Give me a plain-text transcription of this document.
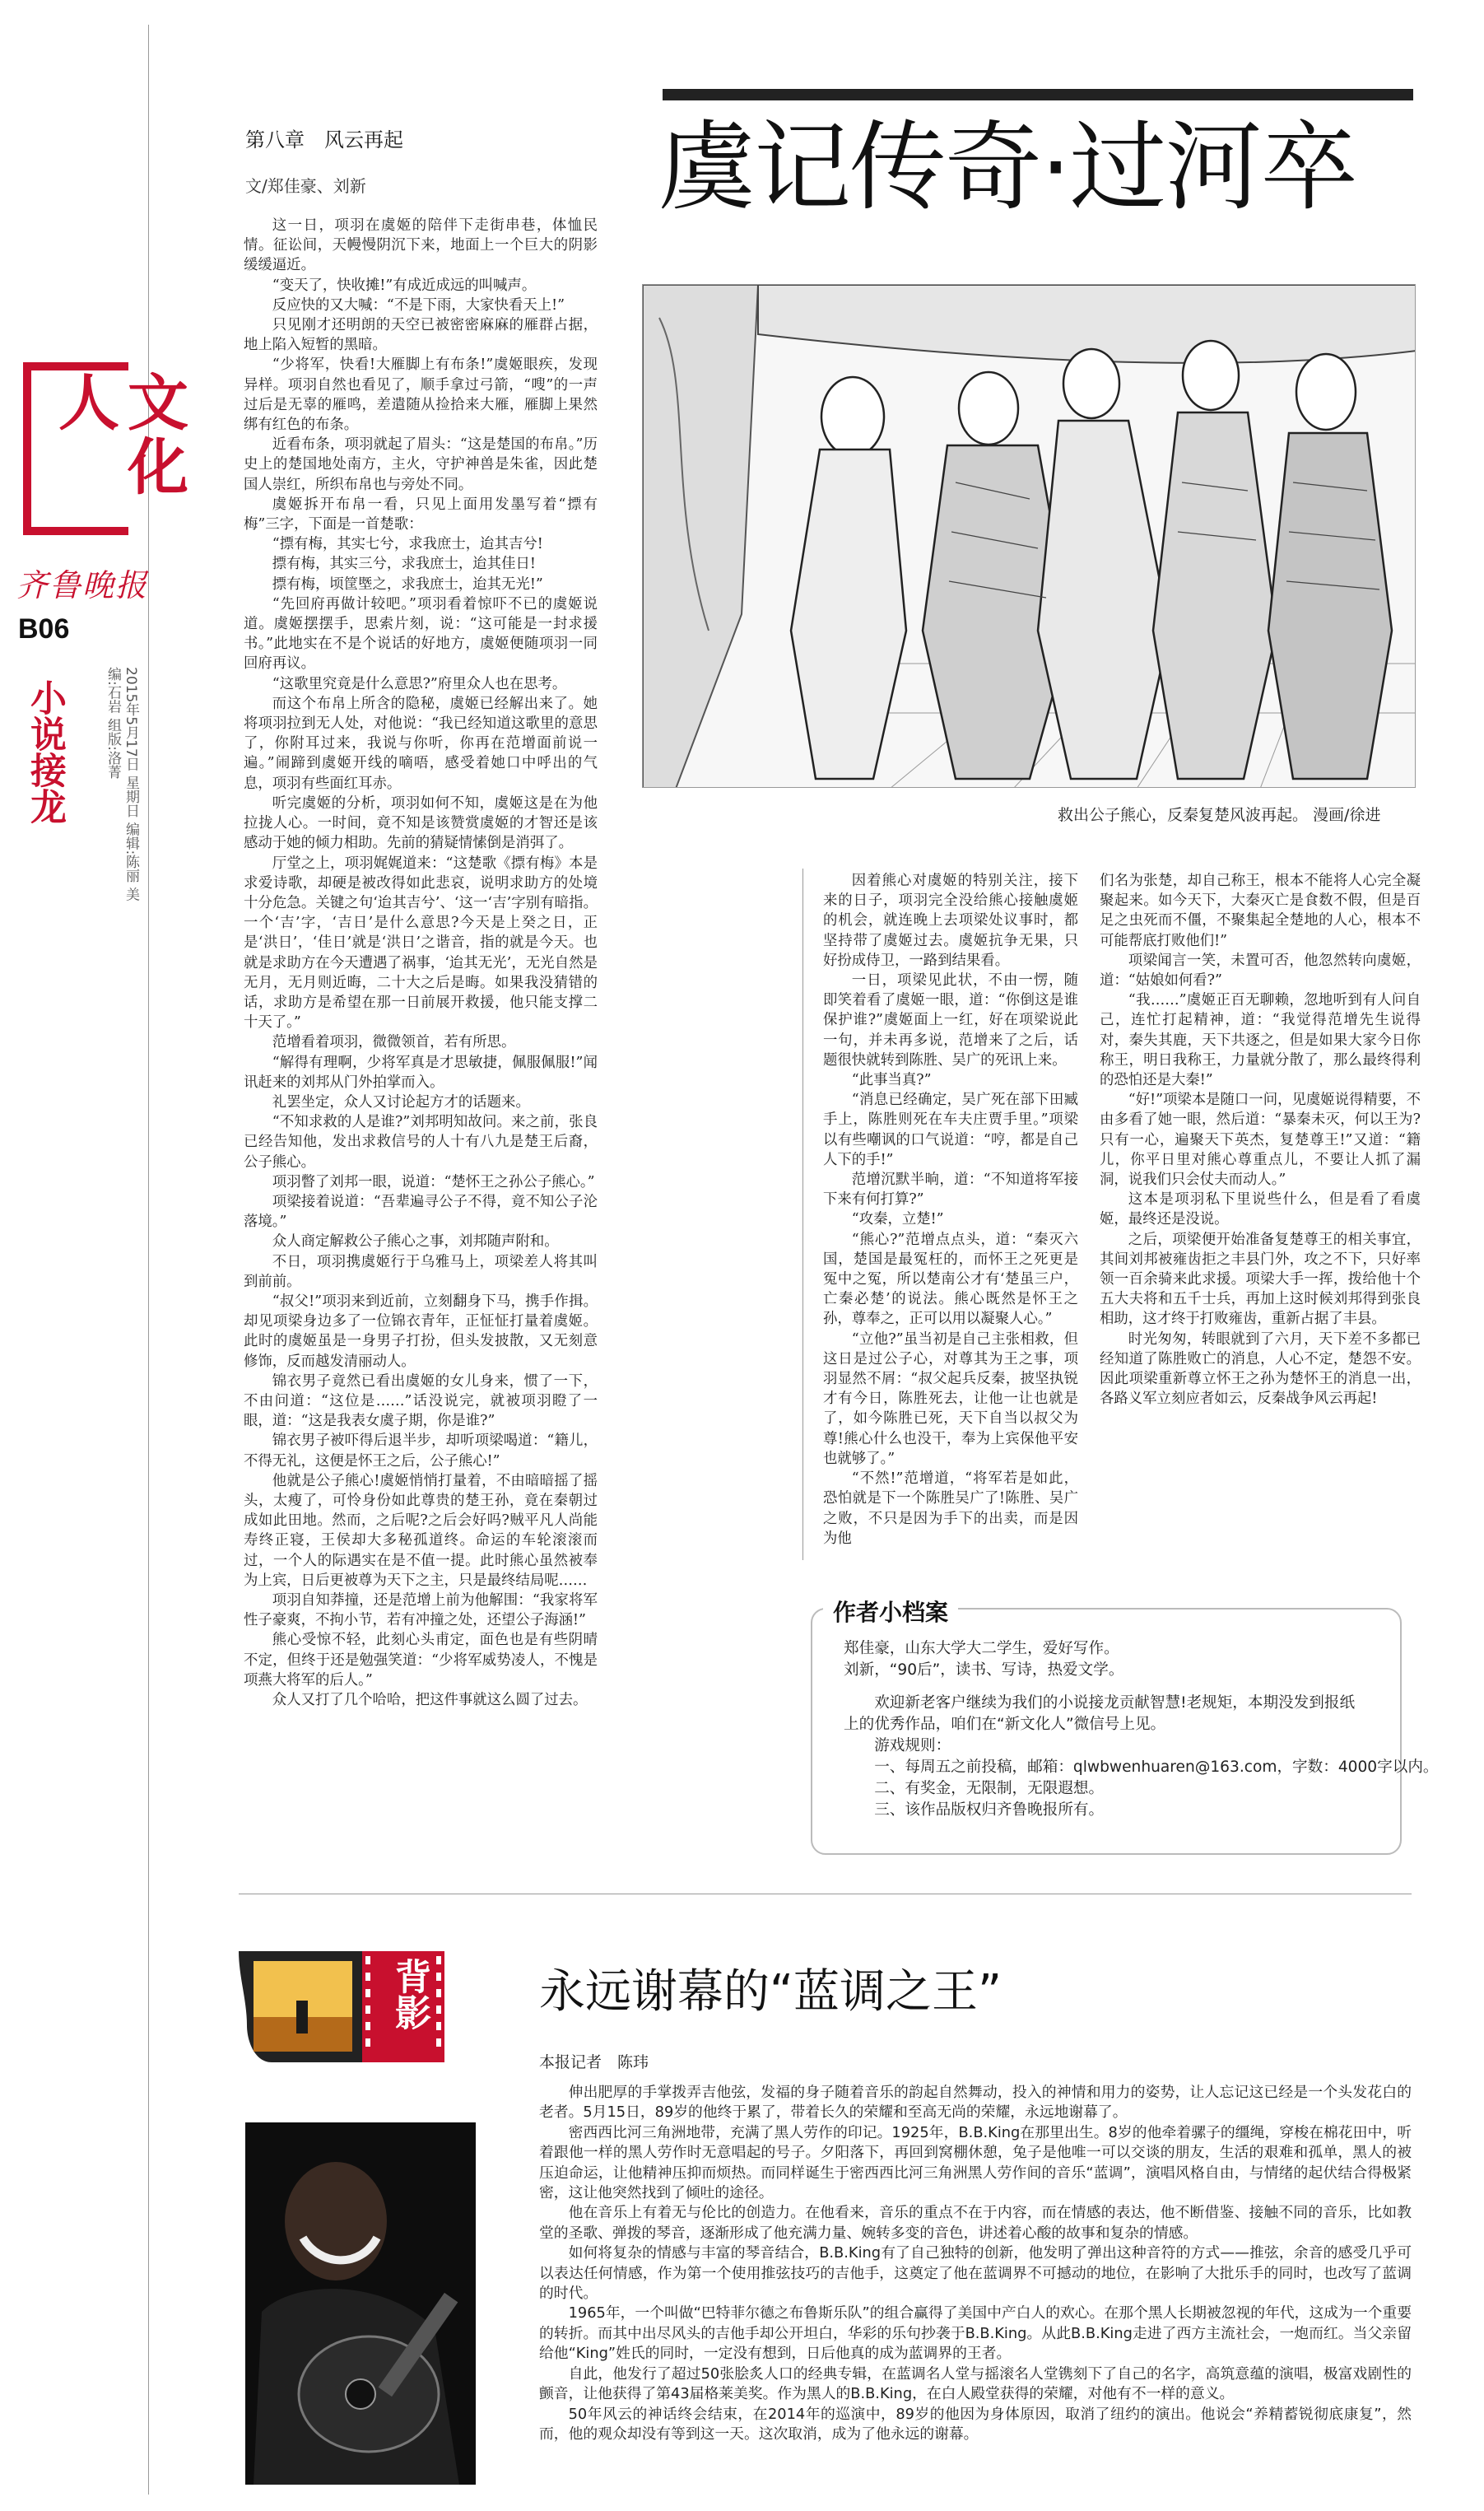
文化人
齐鲁晚报
B06
小说接龙	2015年5月17日 星期日 编辑:陈丽 美编:石岩 组版:洛菁
第八章　风云再起
文/郑佳豪、刘新	虞记传奇·过河卒

这一日，项羽在虞姬的陪伴下走街串巷，体恤民情。征讼间，天幔慢阴沉下来，地面上一个巨大的阴影缓缓逼近。

“变天了，快收摊!”有成近成远的叫喊声。

反应快的又大喊：“不是下雨，大家快看天上!”

只见刚才还明朗的天空已被密密麻麻的雁群占据，地上陷入短暂的黑暗。

“少将军，快看!大雁脚上有布条!”虞姬眼疾，发现异样。项羽自然也看见了，顺手拿过弓箭，“嗖”的一声过后是无辜的雁鸣，差遣随从捡拾来大雁，雁脚上果然绑有红色的布条。

近看布条，项羽就起了眉头：“这是楚国的布帛。”历史上的楚国地处南方，主火，守护神兽是朱雀，因此楚国人崇红，所织布帛也与旁处不同。

虞姬拆开布帛一看，只见上面用发墨写着“摽有梅”三字，下面是一首楚歌：

“摽有梅，其实七兮，求我庶士，迨其吉兮!

摽有梅，其实三兮，求我庶士，迨其佳日!

摽有梅，顷筐塈之，求我庶士，迨其无光!”

“先回府再做计较吧。”项羽看着惊吓不已的虞姬说道。虞姬摆摆手，思索片刻，说：“这可能是一封求援书。”此地实在不是个说话的好地方，虞姬便随项羽一同回府再议。

“这歌里究竟是什么意思?”府里众人也在思考。

而这个布帛上所含的隐秘，虞姬已经解出来了。她将项羽拉到无人处，对他说：“我已经知道这歌里的意思了，你附耳过来，我说与你听，你再在范增面前说一遍。”闹蹄到虞姬开线的嘀唔，感受着她口中呼出的气息，项羽有些面红耳赤。

听完虞姬的分析，项羽如何不知，虞姬这是在为他拉拢人心。一时间，竟不知是该赞赏虞姬的才智还是该感动于她的倾力相助。先前的猜疑情愫倒是消弭了。

厅堂之上，项羽娓娓道来：“这楚歌《摽有梅》本是求爱诗歌，却硬是被改得如此悲哀，说明求助方的处境十分危急。关键之句‘迨其吉兮’、‘这一‘吉’字别有暗指。一个‘吉’字，‘吉日’是什么意思?今天是上癸之日，正是‘洪日’，‘佳日’就是‘洪日’之谐音，指的就是今天。也就是求助方在今天遭遇了祸事，‘迨其无光’，无光自然是无月，无月则近晦，二十大之后是晦。如果我没猜错的话，求助方是希望在那一日前展开救援，他只能支撑二十天了。”

范增看着项羽，微微领首，若有所思。

“解得有理啊，少将军真是才思敏捷，佩服佩服!”闻讯赶来的刘邦从门外拍掌而入。

礼罢坐定，众人又讨论起方才的话题来。

“不知求救的人是谁?”刘邦明知故问。来之前，张良已经告知他，发出求救信号的人十有八九是楚王后裔，公子熊心。

项羽瞥了刘邦一眼，说道：“楚怀王之孙公子熊心。”

项梁接着说道：“吾辈遍寻公子不得，竟不知公子沦落境。”

众人商定解救公子熊心之事，刘邦随声附和。

不日，项羽携虞姬行于乌雅马上，项梁差人将其叫到前前。

“叔父!”项羽来到近前，立刻翻身下马，携手作揖。却见项梁身边多了一位锦衣青年，正怔怔打量着虞姬。此时的虞姬虽是一身男子打扮，但头发披散，又无刻意修饰，反而越发清丽动人。

锦衣男子竟然已看出虞姬的女儿身来，惯了一下，不由问道：“这位是……”话没说完，就被项羽瞪了一眼，道：“这是我表女虞子期，你是谁?”

锦衣男子被吓得后退半步，却听项梁喝道：“籍儿，不得无礼，这便是怀王之后，公子熊心!”

他就是公子熊心!虞姬悄悄打量着，不由暗暗摇了摇头，太瘦了，可怜身份如此尊贵的楚王孙，竟在秦朝过成如此田地。然而，之后呢?之后会好吗?贼平凡人尚能寿终正寝，王侯却大多秘孤道终。命运的车轮滚滚而过，一个人的际遇实在是不值一提。此时熊心虽然被奉为上宾，日后更被尊为天下之主，只是最终结局呢……

项羽自知莽撞，还是范增上前为他解围：“我家将军性子豪爽，不拘小节，若有冲撞之处，还望公子海涵!”

熊心受惊不轻，此刻心头甫定，面色也是有些阴晴不定，但终于还是勉强笑道：“少将军威势凌人，不愧是项燕大将军的后人。”

众人又打了几个哈哈，把这件事就这么圆了过去。

救出公子熊心，反秦复楚风波再起。 漫画/徐进

因着熊心对虞姬的特别关注，接下来的日子，项羽完全没给熊心接触虞姬的机会，就连晚上去项梁处议事时，都坚持带了虞姬过去。虞姬抗争无果，只好扮成侍卫，一路到结果看。

一日，项梁见此状，不由一愣，随即笑着看了虞姬一眼，道：“你倒这是谁保护谁?”虞姬面上一红，好在项梁说此一句，并未再多说，范增来了之后，话题很快就转到陈胜、吴广的死讯上来。

“此事当真?”

“消息已经确定，吴广死在部下田臧手上，陈胜则死在车夫庄贾手里。”项梁以有些嘲讽的口气说道：“哼，都是自己人下的手!”

范增沉默半晌，道：“不知道将军接下来有何打算?”

“攻秦，立楚!”

“熊心?”范增点点头，道：“秦灭六国，楚国是最冤枉的，而怀王之死更是冤中之冤，所以楚南公才有‘楚虽三户，亡秦必楚’的说法。熊心既然是怀王之孙，尊奉之，正可以用以凝聚人心。”

“立他?”虽当初是自己主张相救，但这日是过公子心，对尊其为王之事，项羽显然不屑：“叔父起兵反秦，披坚执锐才有今日，陈胜死去，让他一让也就是了，如今陈胜已死，天下自当以叔父为尊!熊心什么也没干，奉为上宾保他平安也就够了。”

“不然!”范增道，“将军若是如此，恐怕就是下一个陈胜吴广了!陈胜、吴广之败，不只是因为手下的出卖，而是因为他

们名为张楚，却自己称王，根本不能将人心完全凝聚起来。如今天下，大秦灭亡是食数不假，但是百足之虫死而不僵，不聚集起全楚地的人心，根本不可能帮底打败他们!”

项梁闻言一笑，未置可否，他忽然转向虞姬，道：“姑娘如何看?”

“我……”虞姬正百无聊赖，忽地听到有人问自己，连忙打起精神，道：“我觉得范增先生说得对，秦失其鹿，天下共逐之，但是如果大家今日你称王，明日我称王，力量就分散了，那么最终得利的恐怕还是大秦!”

“好!”项梁本是随口一问，见虞姬说得精要，不由多看了她一眼，然后道：“暴秦未灭，何以王为?只有一心，遍聚天下英杰，复楚尊王!”又道：“籍儿，你平日里对熊心尊重点儿，不要让人抓了漏洞，说我们只会仗夫而动人。”

这本是项羽私下里说些什么，但是看了看虞姬，最终还是没说。

之后，项梁便开始准备复楚尊王的相关事宜，其间刘邦被雍齿拒之丰县门外，攻之不下，只好率领一百余骑来此求援。项梁大手一挥，拨给他十个五大夫将和五千士兵，再加上这时候刘邦得到张良相助，这才终于打败雍齿，重新占据了丰县。

时光匆匆，转眼就到了六月，天下差不多都已经知道了陈胜败亡的消息，人心不定，楚怨不安。因此项梁重新尊立怀王之孙为楚怀王的消息一出，各路义军立刻应者如云，反秦战争风云再起!

作者小档案
郑佳豪，山东大学大二学生，爱好写作。
刘新，“90后”，读书、写诗，热爱文学。
欢迎新老客户继续为我们的小说接龙贡献智慧!老规矩，本期没发到报纸
上的优秀作品，咱们在“新文化人”微信号上见。
游戏规则：
一、每周五之前投稿，邮箱：qlwbwenhuaren@163.com，字数：4000字以内。
二、有奖金，无限制，无限遐想。
三、该作品版权归齐鲁晚报所有。
背影 永远谢幕的“蓝调之王”
本报记者　陈玮

伸出肥厚的手掌拨弄吉他弦，发福的身子随着音乐的韵起自然舞动，投入的神情和用力的姿势，让人忘记这已经是一个头发花白的老者。5月15日，89岁的他终于累了，带着长久的荣耀和至高无尚的荣耀，永远地谢幕了。

密西西比河三角洲地带，充满了黑人劳作的印记。1925年，B.B.King在那里出生。8岁的他牵着骡子的缰绳，穿梭在棉花田中，听着跟他一样的黑人劳作时无意唱起的号子。夕阳落下，再回到窝棚休憩，兔子是他唯一可以交谈的朋友，生活的艰难和孤单，黑人的被压迫命运，让他精神压抑而烦热。而同样诞生于密西西比河三角洲黑人劳作间的音乐“蓝调”，演唱风格自由，与情绪的起伏结合得极紧密，这让他突然找到了倾吐的途径。

他在音乐上有着无与伦比的创造力。在他看来，音乐的重点不在于内容，而在情感的表达，他不断借鉴、接触不同的音乐，比如教堂的圣歌、弹拨的琴音，逐渐形成了他充满力量、婉转多变的音色，讲述着心酸的故事和复杂的情感。

如何将复杂的情感与丰富的琴音结合，B.B.King有了自己独特的创新，他发明了弹出这种音符的方式——推弦，余音的感受几乎可以表达任何情感，作为第一个使用推弦技巧的吉他手，这奠定了他在蓝调界不可撼动的地位，在影响了大批乐手的同时，也改写了蓝调的时代。

1965年，一个叫做“巴特菲尔德之布鲁斯乐队”的组合赢得了美国中产白人的欢心。在那个黑人长期被忽视的年代，这成为一个重要的转折。而其中出尽风头的吉他手却公开坦白，华彩的乐句抄袭于B.B.King。从此B.B.King走进了西方主流社会，一炮而红。当父亲留给他“King”姓氏的同时，一定没有想到，日后他真的成为蓝调界的王者。

自此，他发行了超过50张脍炙人口的经典专辑，在蓝调名人堂与摇滚名人堂镌刻下了自己的名字，高筑意蕴的演唱，极富戏剧性的颤音，让他获得了第43届格莱美奖。作为黑人的B.B.King，在白人殿堂获得的荣耀，对他有不一样的意义。

50年风云的神话终会结束，在2014年的巡演中，89岁的他因为身体原因，取消了纽约的演出。他说会“养精蓄锐彻底康复”，然而，他的观众却没有等到这一天。这次取消，成为了他永远的谢幕。
